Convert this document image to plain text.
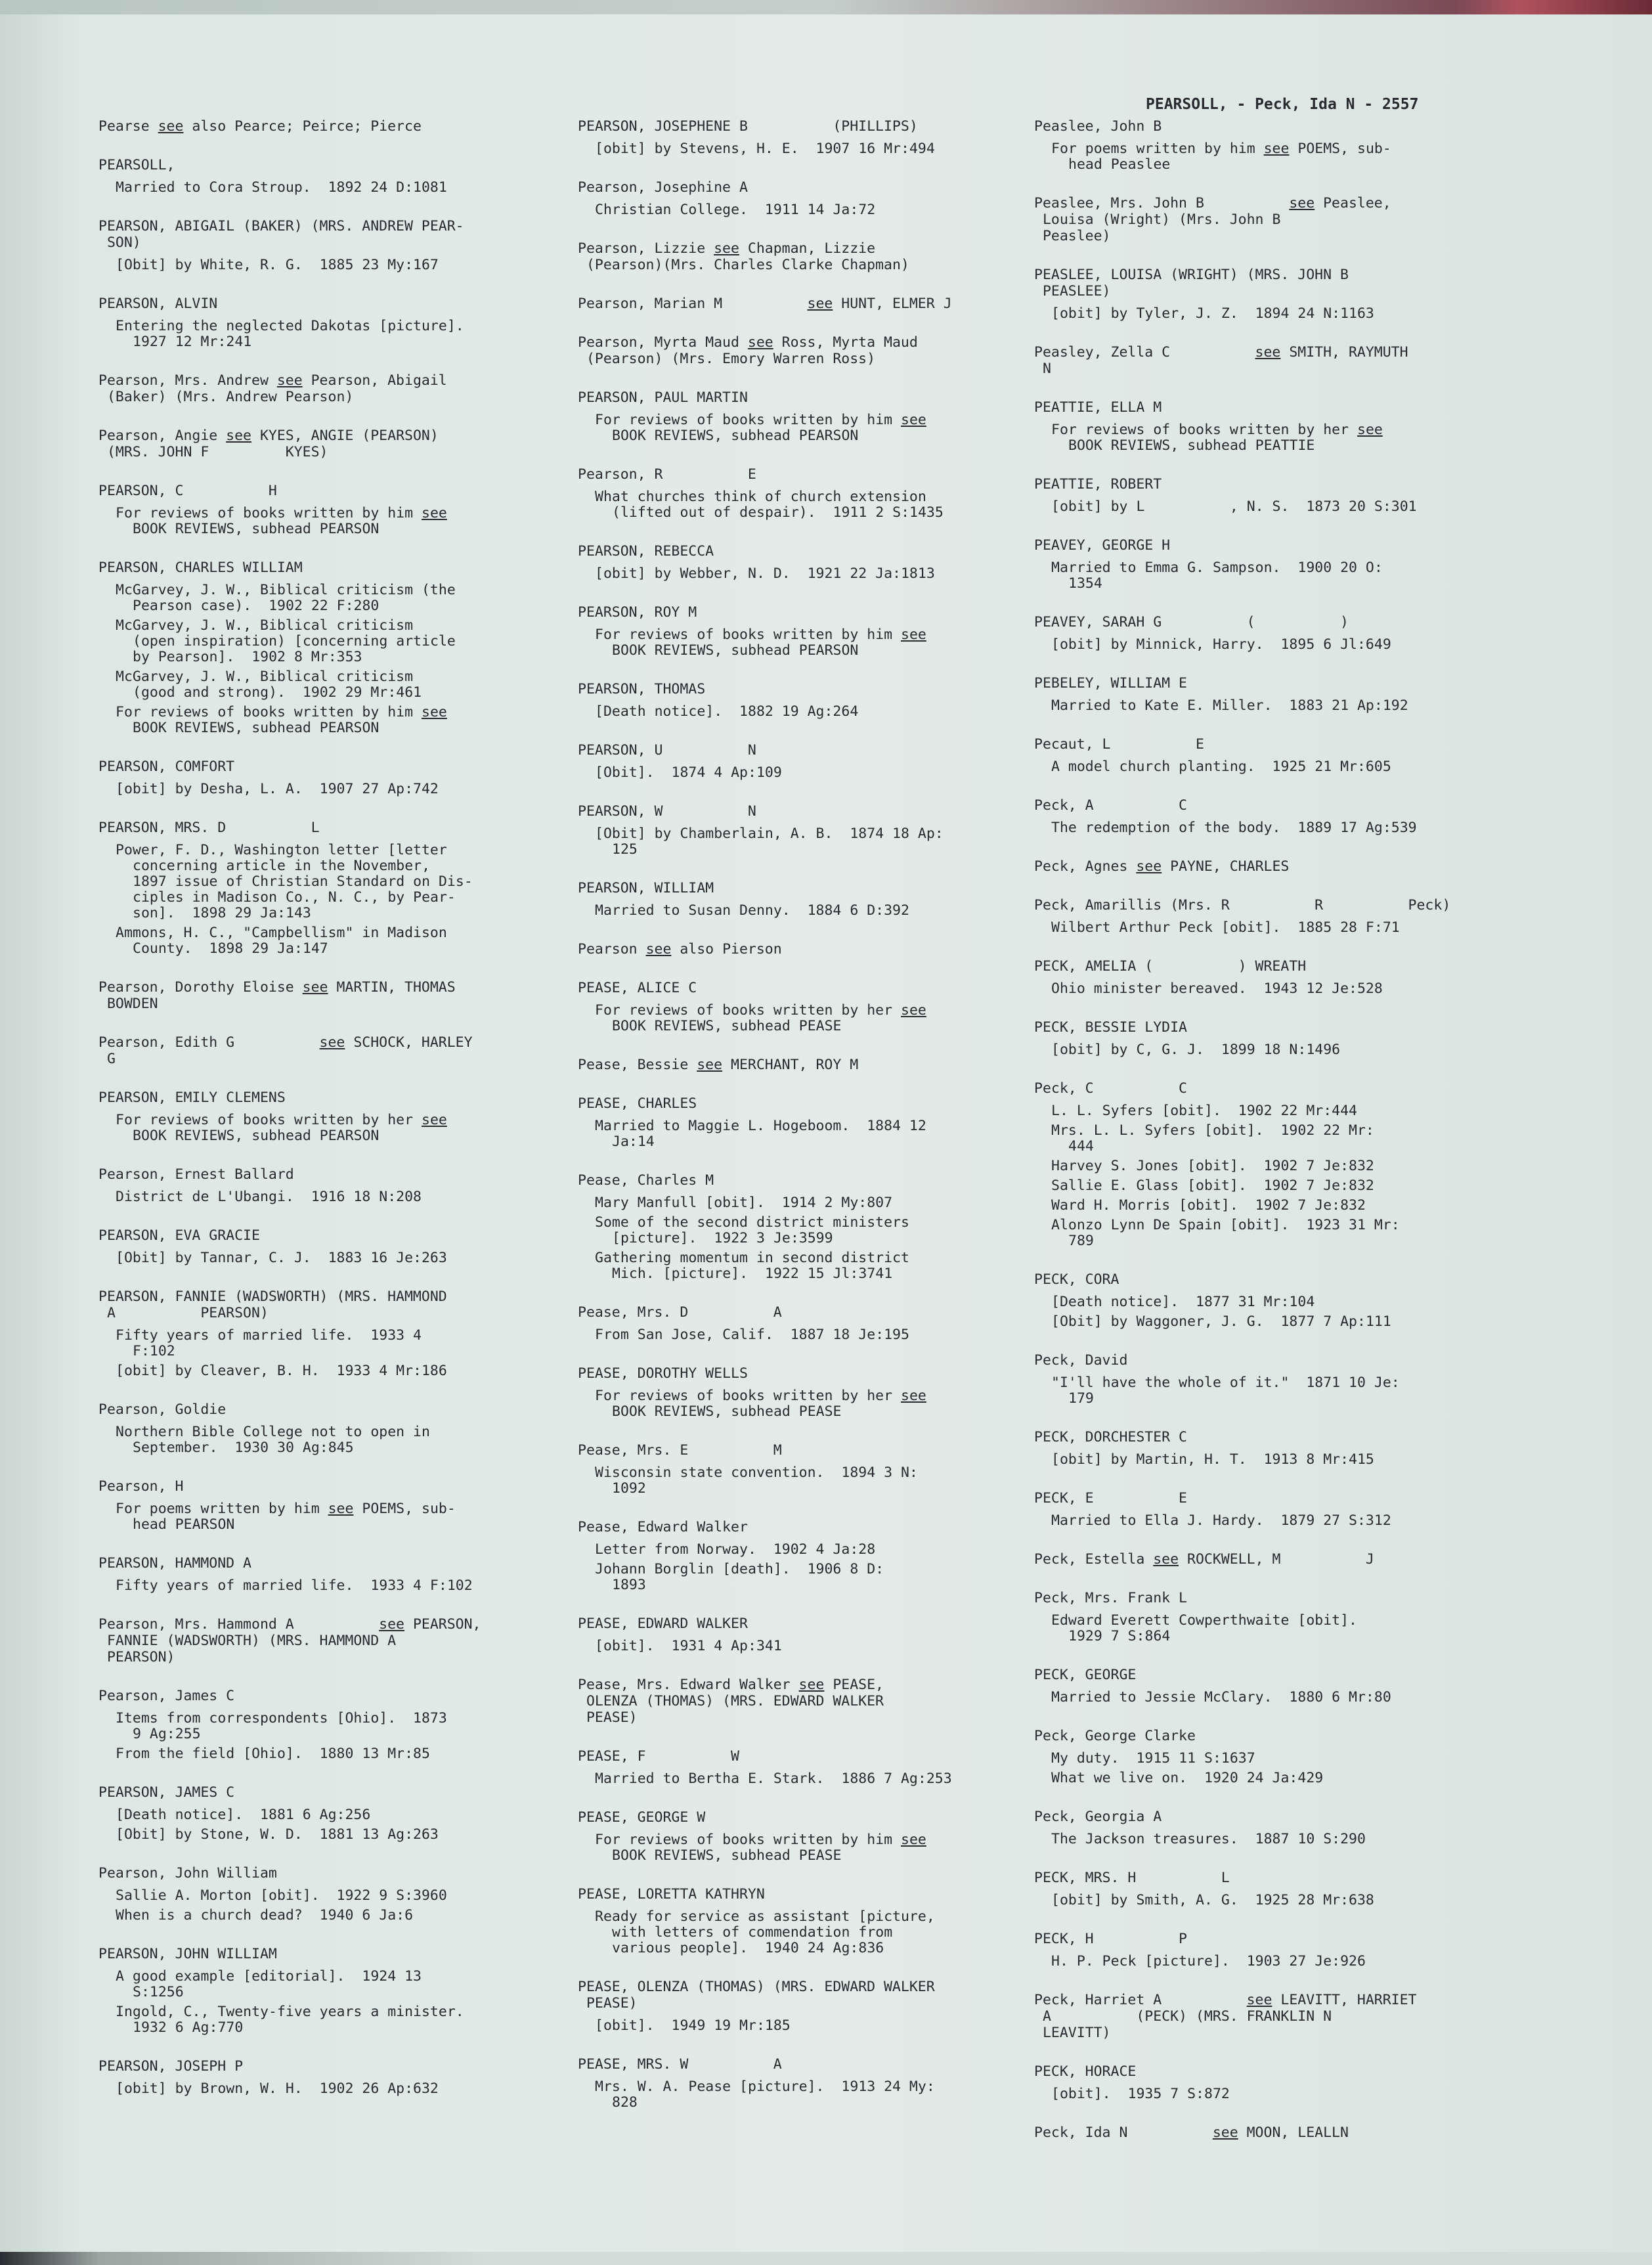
PEARSOLL, - Peck, Ida N - 2557
Pearse see also Pearce; Peirce; Pierce
PEARSOLL,
Married to Cora Stroup.  1892 24 D:1081
PEARSON, ABIGAIL (BAKER) (MRS. ANDREW PEAR-
SON)
[Obit] by White, R. G.  1885 23 My:167
PEARSON, ALVIN
Entering the neglected Dakotas [picture].
1927 12 Mr:241
Pearson, Mrs. Andrew see Pearson, Abigail
(Baker) (Mrs. Andrew Pearson)
Pearson, Angie see KYES, ANGIE (PEARSON)
(MRS. JOHN F         KYES)
PEARSON, C          H
For reviews of books written by him see
BOOK REVIEWS, subhead PEARSON
PEARSON, CHARLES WILLIAM
McGarvey, J. W., Biblical criticism (the
Pearson case).  1902 22 F:280
McGarvey, J. W., Biblical criticism
(open inspiration) [concerning article
by Pearson].  1902 8 Mr:353
McGarvey, J. W., Biblical criticism
(good and strong).  1902 29 Mr:461
For reviews of books written by him see
BOOK REVIEWS, subhead PEARSON
PEARSON, COMFORT
[obit] by Desha, L. A.  1907 27 Ap:742
PEARSON, MRS. D          L
Power, F. D., Washington letter [letter
concerning article in the November,
1897 issue of Christian Standard on Dis-
ciples in Madison Co., N. C., by Pear-
son].  1898 29 Ja:143
Ammons, H. C., "Campbellism" in Madison
County.  1898 29 Ja:147
Pearson, Dorothy Eloise see MARTIN, THOMAS
BOWDEN
Pearson, Edith G          see SCHOCK, HARLEY
G
PEARSON, EMILY CLEMENS
For reviews of books written by her see
BOOK REVIEWS, subhead PEARSON
Pearson, Ernest Ballard
District de L'Ubangi.  1916 18 N:208
PEARSON, EVA GRACIE
[Obit] by Tannar, C. J.  1883 16 Je:263
PEARSON, FANNIE (WADSWORTH) (MRS. HAMMOND
A          PEARSON)
Fifty years of married life.  1933 4
F:102
[obit] by Cleaver, B. H.  1933 4 Mr:186
Pearson, Goldie
Northern Bible College not to open in
September.  1930 30 Ag:845
Pearson, H
For poems written by him see POEMS, sub-
head PEARSON
PEARSON, HAMMOND A
Fifty years of married life.  1933 4 F:102
Pearson, Mrs. Hammond A          see PEARSON,
FANNIE (WADSWORTH) (MRS. HAMMOND A
PEARSON)
Pearson, James C
Items from correspondents [Ohio].  1873
9 Ag:255
From the field [Ohio].  1880 13 Mr:85
PEARSON, JAMES C
[Death notice].  1881 6 Ag:256
[Obit] by Stone, W. D.  1881 13 Ag:263
Pearson, John William
Sallie A. Morton [obit].  1922 9 S:3960
When is a church dead?  1940 6 Ja:6
PEARSON, JOHN WILLIAM
A good example [editorial].  1924 13
S:1256
Ingold, C., Twenty-five years a minister.
1932 6 Ag:770
PEARSON, JOSEPH P
[obit] by Brown, W. H.  1902 26 Ap:632
PEARSON, JOSEPHENE B          (PHILLIPS)
[obit] by Stevens, H. E.  1907 16 Mr:494
Pearson, Josephine A
Christian College.  1911 14 Ja:72
Pearson, Lizzie see Chapman, Lizzie
(Pearson)(Mrs. Charles Clarke Chapman)
Pearson, Marian M          see HUNT, ELMER J
Pearson, Myrta Maud see Ross, Myrta Maud
(Pearson) (Mrs. Emory Warren Ross)
PEARSON, PAUL MARTIN
For reviews of books written by him see
BOOK REVIEWS, subhead PEARSON
Pearson, R          E
What churches think of church extension
(lifted out of despair).  1911 2 S:1435
PEARSON, REBECCA
[obit] by Webber, N. D.  1921 22 Ja:1813
PEARSON, ROY M
For reviews of books written by him see
BOOK REVIEWS, subhead PEARSON
PEARSON, THOMAS
[Death notice].  1882 19 Ag:264
PEARSON, U          N
[Obit].  1874 4 Ap:109
PEARSON, W          N
[Obit] by Chamberlain, A. B.  1874 18 Ap:
125
PEARSON, WILLIAM
Married to Susan Denny.  1884 6 D:392
Pearson see also Pierson
PEASE, ALICE C
For reviews of books written by her see
BOOK REVIEWS, subhead PEASE
Pease, Bessie see MERCHANT, ROY M
PEASE, CHARLES
Married to Maggie L. Hogeboom.  1884 12
Ja:14
Pease, Charles M
Mary Manfull [obit].  1914 2 My:807
Some of the second district ministers
[picture].  1922 3 Je:3599
Gathering momentum in second district
Mich. [picture].  1922 15 Jl:3741
Pease, Mrs. D          A
From San Jose, Calif.  1887 18 Je:195
PEASE, DOROTHY WELLS
For reviews of books written by her see
BOOK REVIEWS, subhead PEASE
Pease, Mrs. E          M
Wisconsin state convention.  1894 3 N:
1092
Pease, Edward Walker
Letter from Norway.  1902 4 Ja:28
Johann Borglin [death].  1906 8 D:
1893
PEASE, EDWARD WALKER
[obit].  1931 4 Ap:341
Pease, Mrs. Edward Walker see PEASE,
OLENZA (THOMAS) (MRS. EDWARD WALKER
PEASE)
PEASE, F          W
Married to Bertha E. Stark.  1886 7 Ag:253
PEASE, GEORGE W
For reviews of books written by him see
BOOK REVIEWS, subhead PEASE
PEASE, LORETTA KATHRYN
Ready for service as assistant [picture,
with letters of commendation from
various people].  1940 24 Ag:836
PEASE, OLENZA (THOMAS) (MRS. EDWARD WALKER
PEASE)
[obit].  1949 19 Mr:185
PEASE, MRS. W          A
Mrs. W. A. Pease [picture].  1913 24 My:
828
Peaslee, John B
For poems written by him see POEMS, sub-
head Peaslee
Peaslee, Mrs. John B          see Peaslee,
Louisa (Wright) (Mrs. John B
Peaslee)
PEASLEE, LOUISA (WRIGHT) (MRS. JOHN B
PEASLEE)
[obit] by Tyler, J. Z.  1894 24 N:1163
Peasley, Zella C          see SMITH, RAYMUTH
N
PEATTIE, ELLA M
For reviews of books written by her see
BOOK REVIEWS, subhead PEATTIE
PEATTIE, ROBERT
[obit] by L          , N. S.  1873 20 S:301
PEAVEY, GEORGE H
Married to Emma G. Sampson.  1900 20 O:
1354
PEAVEY, SARAH G          (          )
[obit] by Minnick, Harry.  1895 6 Jl:649
PEBELEY, WILLIAM E
Married to Kate E. Miller.  1883 21 Ap:192
Pecaut, L          E
A model church planting.  1925 21 Mr:605
Peck, A          C
The redemption of the body.  1889 17 Ag:539
Peck, Agnes see PAYNE, CHARLES
Peck, Amarillis (Mrs. R          R          Peck)
Wilbert Arthur Peck [obit].  1885 28 F:71
PECK, AMELIA (          ) WREATH
Ohio minister bereaved.  1943 12 Je:528
PECK, BESSIE LYDIA
[obit] by C, G. J.  1899 18 N:1496
Peck, C          C
L. L. Syfers [obit].  1902 22 Mr:444
Mrs. L. L. Syfers [obit].  1902 22 Mr:
444
Harvey S. Jones [obit].  1902 7 Je:832
Sallie E. Glass [obit].  1902 7 Je:832
Ward H. Morris [obit].  1902 7 Je:832
Alonzo Lynn De Spain [obit].  1923 31 Mr:
789
PECK, CORA
[Death notice].  1877 31 Mr:104
[Obit] by Waggoner, J. G.  1877 7 Ap:111
Peck, David
"I'll have the whole of it."  1871 10 Je:
179
PECK, DORCHESTER C
[obit] by Martin, H. T.  1913 8 Mr:415
PECK, E          E
Married to Ella J. Hardy.  1879 27 S:312
Peck, Estella see ROCKWELL, M          J
Peck, Mrs. Frank L
Edward Everett Cowperthwaite [obit].
1929 7 S:864
PECK, GEORGE
Married to Jessie McClary.  1880 6 Mr:80
Peck, George Clarke
My duty.  1915 11 S:1637
What we live on.  1920 24 Ja:429
Peck, Georgia A
The Jackson treasures.  1887 10 S:290
PECK, MRS. H          L
[obit] by Smith, A. G.  1925 28 Mr:638
PECK, H          P
H. P. Peck [picture].  1903 27 Je:926
Peck, Harriet A          see LEAVITT, HARRIET
A          (PECK) (MRS. FRANKLIN N
LEAVITT)
PECK, HORACE
[obit].  1935 7 S:872
Peck, Ida N          see MOON, LEALLN
